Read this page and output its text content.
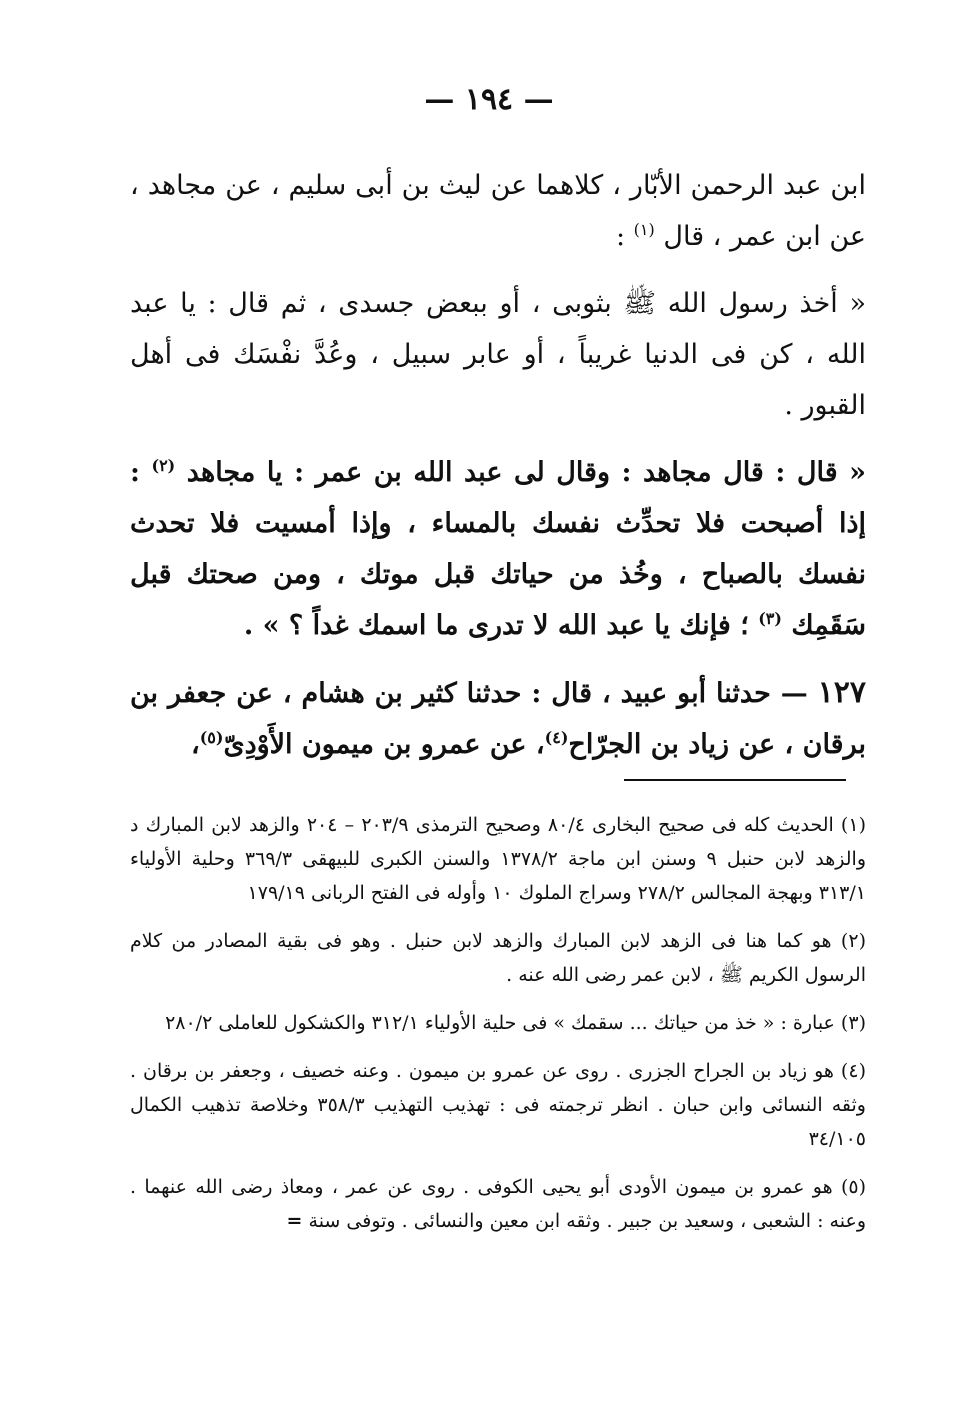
— ١٩٤ —

ابن عبد الرحمن الأبّار ، كلاهما عن ليث بن أبى سليم ، عن مجاهد ، عن ابن عمر ، قال $^{(١)}$ :

« أخذ رسول الله ﷺ بثوبى ، أو ببعض جسدى ، ثم قال : يا عبد الله ، كن فى الدنيا غريباً ، أو عابر سبيل ، وعُدَّ نفْسَك فى أهل القبور .

« قال : قال مجاهد : وقال لى عبد الله بن عمر : يا مجاهد $^{(٢)}$ : إذا أصبحت فلا تحدِّث نفسك بالمساء ، وإذا أمسيت فلا تحدث نفسك بالصباح ، وخُذ من حياتك قبل موتك ، ومن صحتك قبل سَقَمِك $^{(٣)}$ ؛ فإنك يا عبد الله لا تدرى ما اسمك غداً ؟ » .

١٢٧ — حدثنا أبو عبيد ، قال : حدثنا كثير بن هشام ، عن جعفر بن برقان ، عن زياد بن الجرّاح$^{(٤)}$، عن عمرو بن ميمون الأَوْدِىّ$^{(٥)}$،

(١) الحديث كله فى صحيح البخارى ٨٠/٤ وصحيح الترمذى ٢٠٣/٩ – ٢٠٤ والزهد لابن المبارك د والزهد لابن حنبل ٩ وسنن ابن ماجة ١٣٧٨/٢ والسنن الكبرى للبيهقى ٣٦٩/٣ وحلية الأولياء ٣١٣/١ وبهجة المجالس ٢٧٨/٢ وسراج الملوك ١٠ وأوله فى الفتح الربانى ١٧٩/١٩

(٢) هو كما هنا فى الزهد لابن المبارك والزهد لابن حنبل . وهو فى بقية المصادر من كلام الرسول الكريم ﷺ ، لابن عمر رضى الله عنه .

(٣) عبارة : « خذ من حياتك ... سقمك » فى حلية الأولياء ٣١٢/١ والكشكول للعاملى ٢٨٠/٢

(٤) هو زياد بن الجراح الجزرى . روى عن عمرو بن ميمون . وعنه خصيف ، وجعفر بن برقان . وثقه النسائى وابن حبان . انظر ترجمته فى : تهذيب التهذيب ٣٥٨/٣ وخلاصة تذهيب الكمال ٣٤/١٠٥

(٥) هو عمرو بن ميمون الأودى أبو يحيى الكوفى . روى عن عمر ، ومعاذ رضى الله عنهما . وعنه : الشعبى ، وسعيد بن جبير . وثقه ابن معين والنسائى . وتوفى سنة =
